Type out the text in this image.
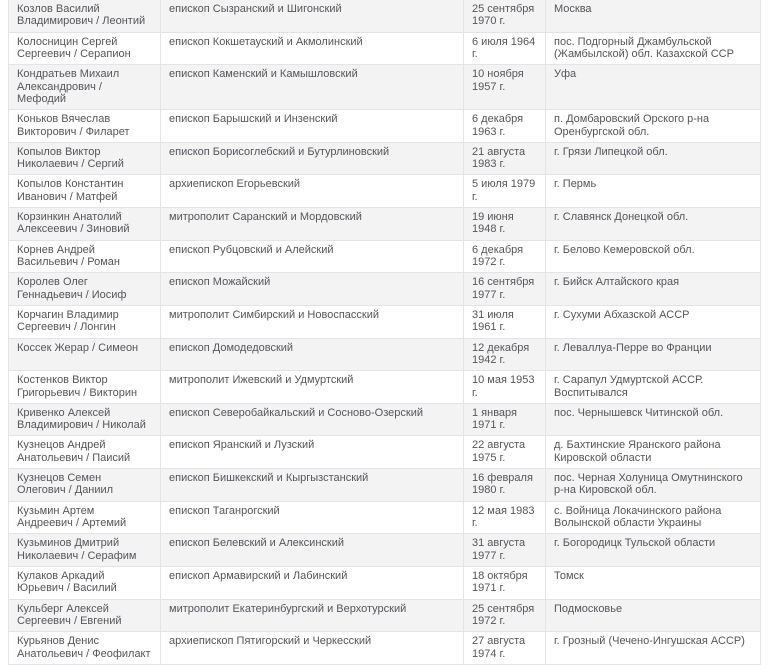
Козлов Василий Владимирович / Леонтий	епископ Сызранский и Шигонский	25 сентября 1970 г.	Москва
Колосницин Сергей Сергеевич / Серапион	епископ Кокшетауский и Акмолинский	6 июля 1964 г.	пос. Подгорный Джамбульской (Жамбылской) обл. Казахской ССР
Кондратьев Михаил Александрович / Мефодий	епископ Каменский и Камышловский	10 ноября 1957 г.	Уфа
Коньков Вячеслав Викторович / Филарет	епископ Барышский и Инзенский	6 декабря 1963 г.	п. Домбаровский Орского р-на Оренбургской обл.
Копылов Виктор Николаевич / Сергий	епископ Борисоглебский и Бутурлиновский	21 августа 1983 г.	г. Грязи Липецкой обл.
Копылов Константин Иванович / Матфей	архиепископ Егорьевский	5 июля 1979 г.	г. Пермь
Корзинкин Анатолий Алексеевич / Зиновий	митрополит Саранский и Мордовский	19 июня 1948 г.	г. Славянск Донецкой обл.
Корнев Андрей Васильевич / Роман	епископ Рубцовский и Алейский	6 декабря 1972 г.	г. Белово Кемеровской обл.
Королев Олег Геннадьевич / Иосиф	епископ Можайский	16 сентября 1977 г.	г. Бийск Алтайского края
Корчагин Владимир Сергеевич / Лонгин	митрополит Симбирский и Новоспасский	31 июля 1961 г.	г. Сухуми Абхазской АССР
Коссек Жерар / Симеон	епископ Домодедовский	12 декабря 1942 г.	г. Леваллуа-Перре во Франции
Костенков Виктор Григорьевич / Викторин	митрополит Ижевский и Удмуртский	10 мая 1953 г.	г. Сарапул Удмуртской АССР. Воспитывался
Кривенко Алексей Владимирович / Николай	епископ Северобайкальский и Сосново-Озерский	1 января 1971 г.	пос. Чернышевск Читинской обл.
Кузнецов Андрей Анатольевич / Паисий	епископ Яранский и Лузский	22 августа 1975 г.	д. Бахтинские Яранского района Кировской области
Кузнецов Семен Олегович / Даниил	епископ Бишкекский и Кыргызстанский	16 февраля 1980 г.	пос. Черная Холуница Омутнинского р-на Кировской обл.
Кузьмин Артем Андреевич / Артемий	епископ Таганрогский	12 мая 1983 г.	с. Войница Локачинского района Волынской области Украины
Кузьминов Дмитрий Николаевич / Серафим	епископ Белевский и Алексинский	31 августа 1977 г.	г. Богородицк Тульской области
Кулаков Аркадий Юрьевич / Василий	епископ Армавирский и Лабинский	18 октября 1971 г.	Томск
Кульберг Алексей Сергеевич / Евгений	митрополит Екатеринбургский и Верхотурский	25 сентября 1972 г.	Подмосковье
Курьянов Денис Анатольевич / Феофилакт	архиепископ Пятигорский и Черкесский	27 августа 1974 г.	г. Грозный (Чечено-Ингушская АССР)
